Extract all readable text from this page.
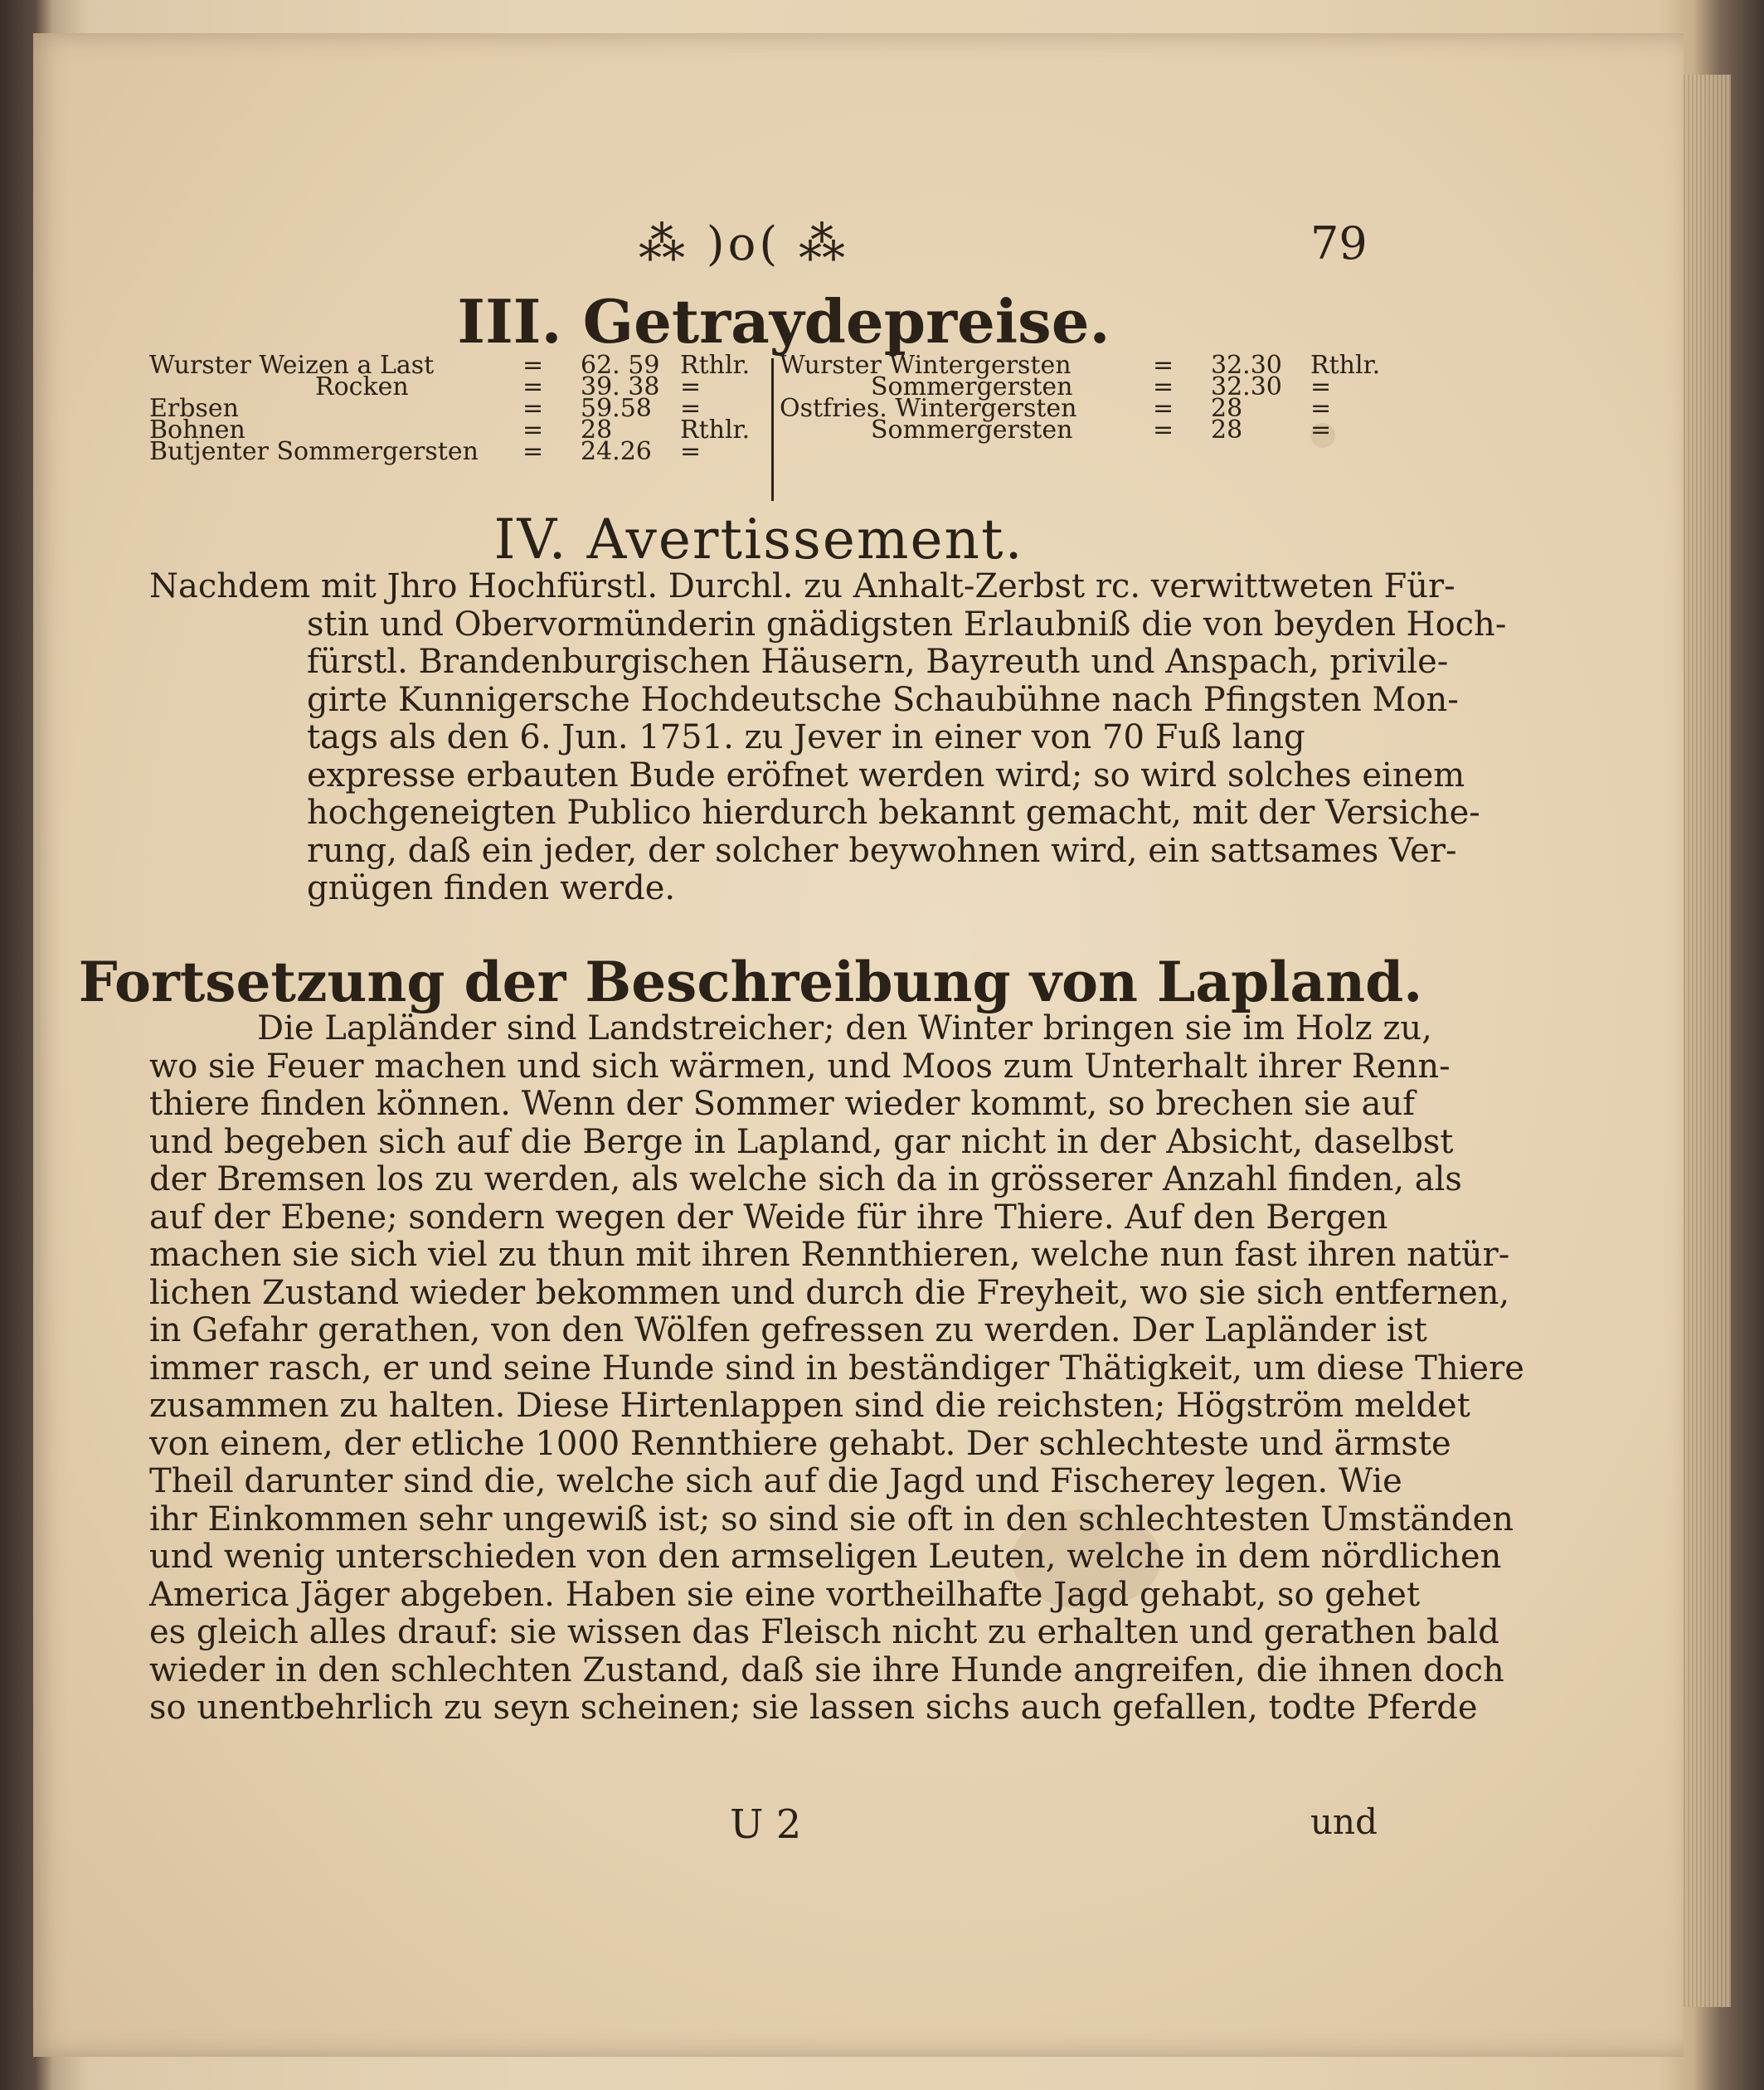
⁂ )o( ⁂	79
III. Getraydepreise.
Wurster Weizen a Last	= 62. 59 Rthlr.
Rocken	= 39. 38 =
Erbsen	= 59.58 =
Bohnen	= 28	Rthlr.
Butjenter Sommergersten = 24.26 =
Wurster Wintergersten	= 32.30 Rthlr.
Sommergersten	= 32.30 =
Ostfries. Wintergersten	= 28	=
Sommergersten	= 28	=
IV. Avertissement.
Nachdem mit Jhro Hochfürstl. Durchl. zu Anhalt-Zerbst rc. verwittweten Für-
stin und Obervormünderin gnädigsten Erlaubniß die von beyden Hoch-
fürstl. Brandenburgischen Häusern, Bayreuth und Anspach, privile-
girte Kunnigersche Hochdeutsche Schaubühne nach Pfingsten Mon-
tags als den 6. Jun. 1751. zu Jever in einer von 70 Fuß lang
expresse erbauten Bude eröfnet werden wird; so wird solches einem
hochgeneigten Publico hierdurch bekannt gemacht, mit der Versiche-
rung, daß ein jeder, der solcher beywohnen wird, ein sattsames Ver-
gnügen finden werde.
Fortsetzung der Beschreibung von Lapland.
Die Lapländer sind Landstreicher; den Winter bringen sie im Holz zu,
wo sie Feuer machen und sich wärmen, und Moos zum Unterhalt ihrer Renn-
thiere finden können. Wenn der Sommer wieder kommt, so brechen sie auf
und begeben sich auf die Berge in Lapland, gar nicht in der Absicht, daselbst
der Bremsen los zu werden, als welche sich da in grösserer Anzahl finden, als
auf der Ebene; sondern wegen der Weide für ihre Thiere. Auf den Bergen
machen sie sich viel zu thun mit ihren Rennthieren, welche nun fast ihren natür-
lichen Zustand wieder bekommen und durch die Freyheit, wo sie sich entfernen,
in Gefahr gerathen, von den Wölfen gefressen zu werden. Der Lapländer ist
immer rasch, er und seine Hunde sind in beständiger Thätigkeit, um diese Thiere
zusammen zu halten. Diese Hirtenlappen sind die reichsten; Högström meldet
von einem, der etliche 1000 Rennthiere gehabt. Der schlechteste und ärmste
Theil darunter sind die, welche sich auf die Jagd und Fischerey legen. Wie
ihr Einkommen sehr ungewiß ist; so sind sie oft in den schlechtesten Umständen
und wenig unterschieden von den armseligen Leuten, welche in dem nördlichen
America Jäger abgeben. Haben sie eine vortheilhafte Jagd gehabt, so gehet
es gleich alles drauf: sie wissen das Fleisch nicht zu erhalten und gerathen bald
wieder in den schlechten Zustand, daß sie ihre Hunde angreifen, die ihnen doch
so unentbehrlich zu seyn scheinen; sie lassen sichs auch gefallen, todte Pferde
U 2	und
